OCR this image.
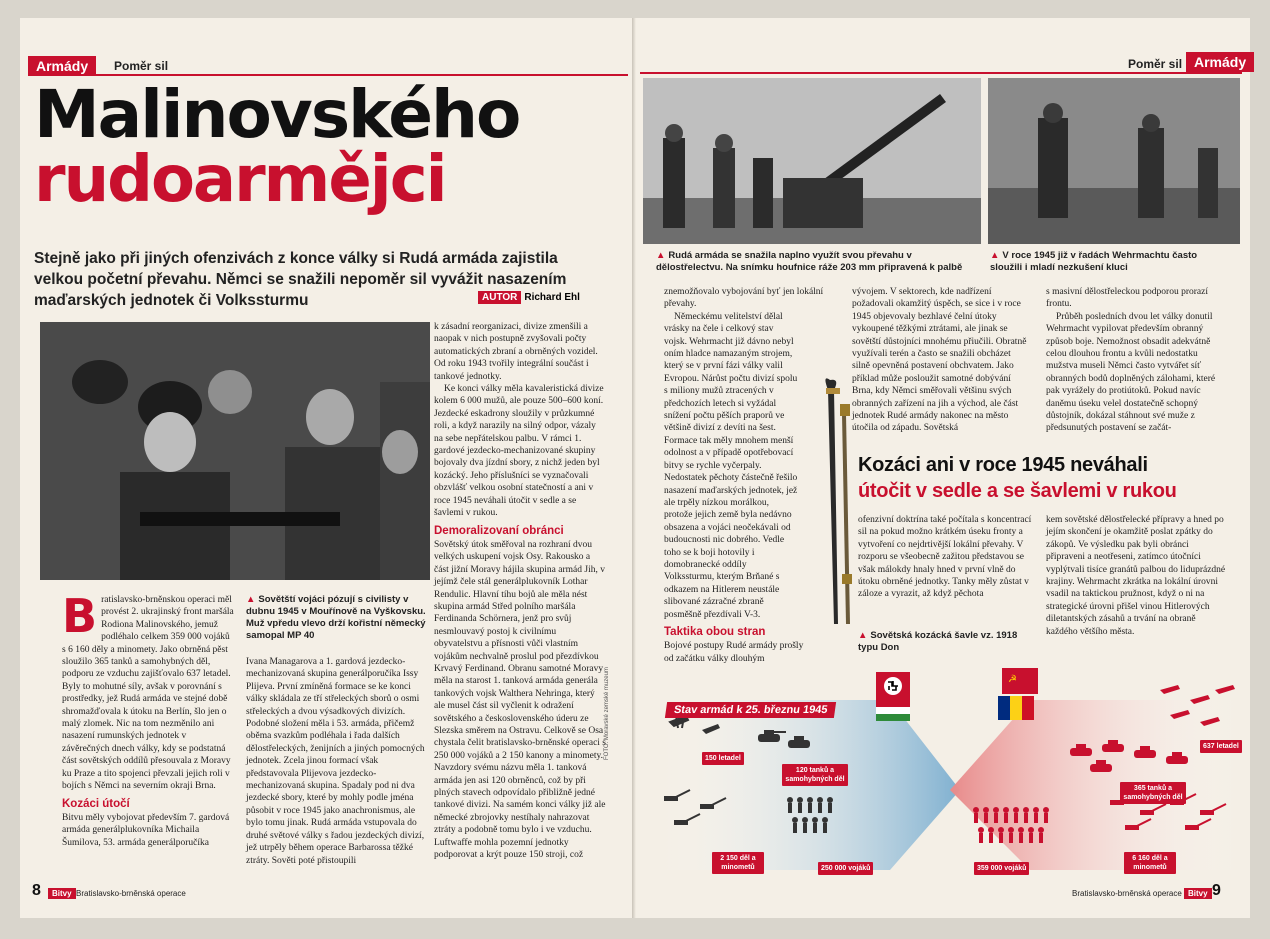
Armády	Poměr sil	Poměr sil Armády
Malinovského
rudoarmějci
Stejně jako při jiných ofenzivách z konce války si Rudá armáda zajistila velkou početní převahu. Němci se snažili nepoměr sil vyvážit nasazením maďarských jednotek či Volkssturmu	AUTOR Richard Ehl

Bratislavsko-brněnskou operaci měl provést 2. ukrajinský front maršála Rodiona Malinovského, jemuž podléhalo celkem 359 000 vojáků s 6 160 děly a minomety. Jako obrněná pěst sloužilo 365 tanků a samohybných děl, podporu ze vzduchu zajišťovalo 637 letadel. Byly to mohutné síly, avšak v porovnání s prostředky, jež Rudá armáda ve stejné době shromažďovala k útoku na Berlín, šlo jen o malý zlomek. Nic na tom nezměnilo ani nasazení rumunských jednotek v závěrečných dnech války, kdy se podstatná část sovětských oddílů přesouvala z Moravy ku Praze a tito spojenci převzali jejich roli v bojích s Němci na severním okraji Brna.

Kozáci útočí

Bitvu měly vybojovat především 7. gardová armáda generálplukovníka Michaila Šumilova, 53. armáda generálporučíka

▲ Sovětští vojáci pózují s civilisty v dubnu 1945 v Mouřínově na Vyškovsku. Muž vpředu vlevo drží kořistní německý samopal MP 40

Ivana Managarova a 1. gardová jezdecko-mechanizovaná skupina generálporučíka Issy Plijeva. První zmíněná formace se ke konci války skládala ze tří střeleckých sborů o osmi střeleckých a dvou výsadkových divizích. Podobné složení měla i 53. armáda, přičemž oběma svazkům podléhala i řada dalších dělostřeleckých, ženijních a jiných pomocných jednotek. Zcela jinou formací však představovala Plijevova jezdecko-mechanizovaná skupina. Spadaly pod ni dva jezdecké sbory, které by mohly podle jména působit v roce 1945 jako anachronismus, ale bylo tomu jinak. Rudá armáda vstupovala do druhé světové války s řadou jezdeckých divizí, jež utrpěly během operace Barbarossa těžké ztráty. Sověti poté přistoupili

k zásadní reorganizaci, divize zmenšili a naopak v nich postupně zvyšovali počty automatických zbraní a obrněných vozidel. Od roku 1943 tvořily integrální součást i tankové jednotky.

Ke konci války měla kavaleristická divize kolem 6 000 mužů, ale pouze 500–600 koní. Jezdecké eskadrony sloužily v průzkumné roli, a když narazily na silný odpor, vázaly na sebe nepřátelskou palbu. V rámci 1. gardové jezdecko-mechanizované skupiny bojovaly dva jízdní sbory, z nichž jeden byl kozácký. Jeho příslušníci se vyznačovali obzvlášť velkou osobní statečností a ani v roce 1945 neváhali útočit v sedle a se šavlemi v rukou.

Demoralizovaní obránci

Sovětský útok směřoval na rozhraní dvou velkých uskupení vojsk Osy. Rakousko a část jižní Moravy hájila skupina armád Jih, v jejímž čele stál generálplukovník Lothar Rendulic. Hlavní tíhu bojů ale měla nést skupina armád Střed polního maršála Ferdinanda Schörnera, jenž pro svůj nesmlouvavý postoj k civilnímu obyvatelstvu a přísnosti vůči vlastním vojákům nechvalně proslul pod přezdívkou Krvavý Ferdinand. Obranu samotné Moravy měla na starost 1. tanková armáda generála tankových vojsk Walthera Nehringa, který ale musel část sil vyčlenit k odražení sovětského a československého úderu ze Slezska směrem na Ostravu. Celkově se Osa chystala čelit bratislavsko-brněnské operaci s 250 000 vojáků a 2 150 kanony a minomety. Navzdory svému názvu měla 1. tanková armáda jen asi 120 obrněnců, což by při plných stavech odpovídalo přibližně jedné tankové divizi. Na samém konci války již ale německé zbrojovky nestíhaly nahrazovat ztráty a podobně tomu bylo i ve vzduchu. Luftwaffe mohla pozemní jednotky podporovat a krýt pouze 150 stroji, což

FOTO: Moravské zemské muzeum
▲ Rudá armáda se snažila naplno využít svou převahu v dělostřelectvu. Na snímku houfnice ráže 203 mm připravená k palbě
▲ V roce 1945 již v řadách Wehrmachtu často sloužili i mladí nezkušení kluci

znemožňovalo vybojování byť jen lokální převahy.

Německému velitelství dělal vrásky na čele i celkový stav vojsk. Wehrmacht již dávno nebyl oním hladce namazaným strojem, který se v první fázi války valil Evropou. Nárůst počtu divizí spolu s miliony mužů ztracených v předchozích letech si vyžádal snížení počtu pěších praporů ve většině divizí z devíti na šest. Formace tak měly mnohem menší odolnost a v případě opotřebovací bitvy se rychle vyčerpaly. Nedostatek pěchoty částečně řešilo nasazení maďarských jednotek, jež ale trpěly nízkou morálkou, protože jejich země byla nedávno obsazena a vojáci neočekávali od budoucnosti nic dobrého. Vedle toho se k boji hotovily i domobranecké oddíly Volkssturmu, kterým Brňané s odkazem na Hitlerem neustále slibované zázračné zbraně posměšně přezdívali V-3.

Taktika obou stran

Bojové postupy Rudé armády prošly od začátku války dlouhým

vývojem. V sektorech, kde nadřízení požadovali okamžitý úspěch, se sice i v roce 1945 objevovaly bezhlavé čelní útoky vykoupené těžkými ztrátami, ale jinak se sovětští důstojníci mnohému přiučili. Obratně využívali terén a často se snažili obcházet silně opevněná postavení obchvatem. Jako příklad může posloužit samotné dobývání Brna, kdy Němci směřovali většinu svých obranných zařízení na jih a východ, ale část jednotek Rudé armády nakonec na město útočila od západu. Sovětská

s masivní dělostřeleckou podporou prorazí frontu.

Průběh posledních dvou let války donutil Wehrmacht vypilovat především obranný způsob boje. Nemožnost obsadit adekvátně celou dlouhou frontu a kvůli nedostatku mužstva museli Němci často vytvářet síť obranných bodů doplněných zálohami, které pak vyrážely do protiútoků. Pokud navíc daněmu úseku velel dostatečně schopný důstojník, dokázal stáhnout své muže z předsunutých postavení se začát-

Kozáci ani v roce 1945 neváhali
útočit v sedle a se šavlemi v rukou

ofenzivní doktrína také počítala s koncentrací sil na pokud možno krátkém úseku fronty a vytvoření co nejdrtivější lokální převahy. V rozporu se všeobecně zažitou představou se však málokdy hnaly hned v první vlně do útoku obrněné jednotky. Tanky měly zůstat v záloze a vyrazit, až když pěchota

▲ Sovětská kozácká šavle vz. 1918 typu Don

kem sovětské dělostřelecké přípravy a hned po jejím skončení je okamžitě poslat zpátky do zákopů. Ve výsledku pak byli obránci připraveni a neotřeseni, zatímco útočníci vyplýtvali tisíce granátů palbou do liduprázdné krajiny. Wehrmacht zkrátka na lokální úrovni vsadil na taktickou pružnost, když o ni na strategické úrovni přišel vinou Hitlerových diletantských zásahů a trvání na obraně každého většího města.

☭
Stav armád k 25. březnu 1945
150 letadel
120 tanků a samohybných děl
2 150 děl a minometů	250 000 vojáků
637 letadel
365 tanků a samohybných děl
359 000 vojáků
6 160 děl a minometů
8	Bitvy Bratislavsko-brněnská operace	Bratislavsko-brněnská operace Bitvy 9
